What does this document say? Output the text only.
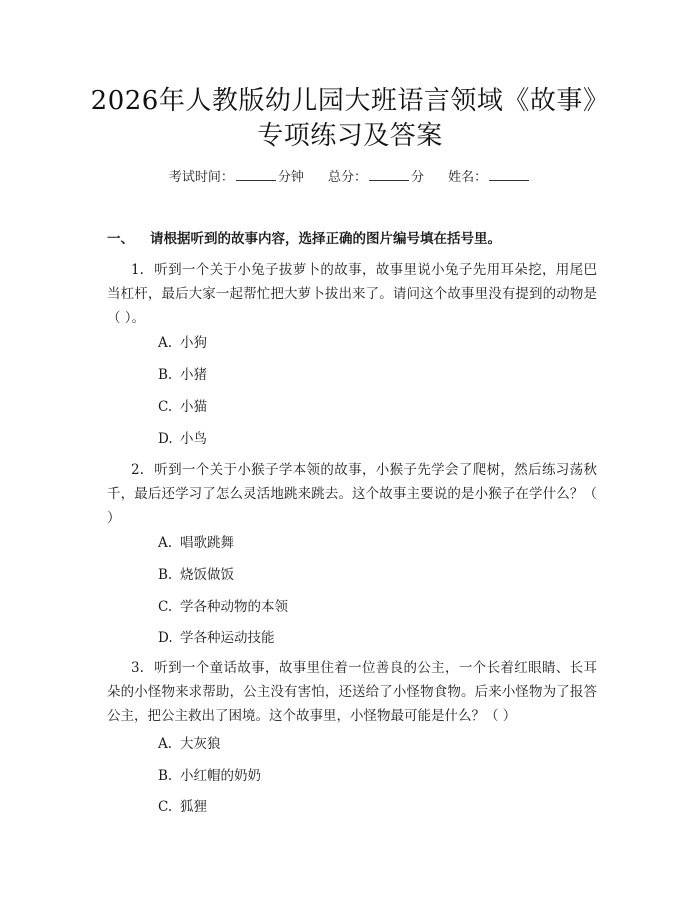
2026年人教版幼儿园大班语言领域《故事》
专项练习及答案
考试时间：	分钟 总分：	分 姓名：
一、 请根据听到的故事内容，选择正确的图片编号填在括号里。
1. 听到一个关于小兔子拔萝卜的故事，故事里说小兔子先用耳朵挖，用尾巴当杠杆，最后大家一起帮忙把大萝卜拔出来了。请问这个故事里没有提到的动物是（ ）。
A. 小狗
B. 小猪
C. 小猫
D. 小鸟
2. 听到一个关于小猴子学本领的故事，小猴子先学会了爬树，然后练习荡秋千，最后还学习了怎么灵活地跳来跳去。这个故事主要说的是小猴子在学什么？（ ）
A. 唱歌跳舞
B. 烧饭做饭
C. 学各种动物的本领
D. 学各种运动技能
3. 听到一个童话故事，故事里住着一位善良的公主，一个长着红眼睛、长耳朵的小怪物来求帮助，公主没有害怕，还送给了小怪物食物。后来小怪物为了报答公主，把公主救出了困境。这个故事里，小怪物最可能是什么？（ ）
A. 大灰狼
B. 小红帽的奶奶
C. 狐狸
